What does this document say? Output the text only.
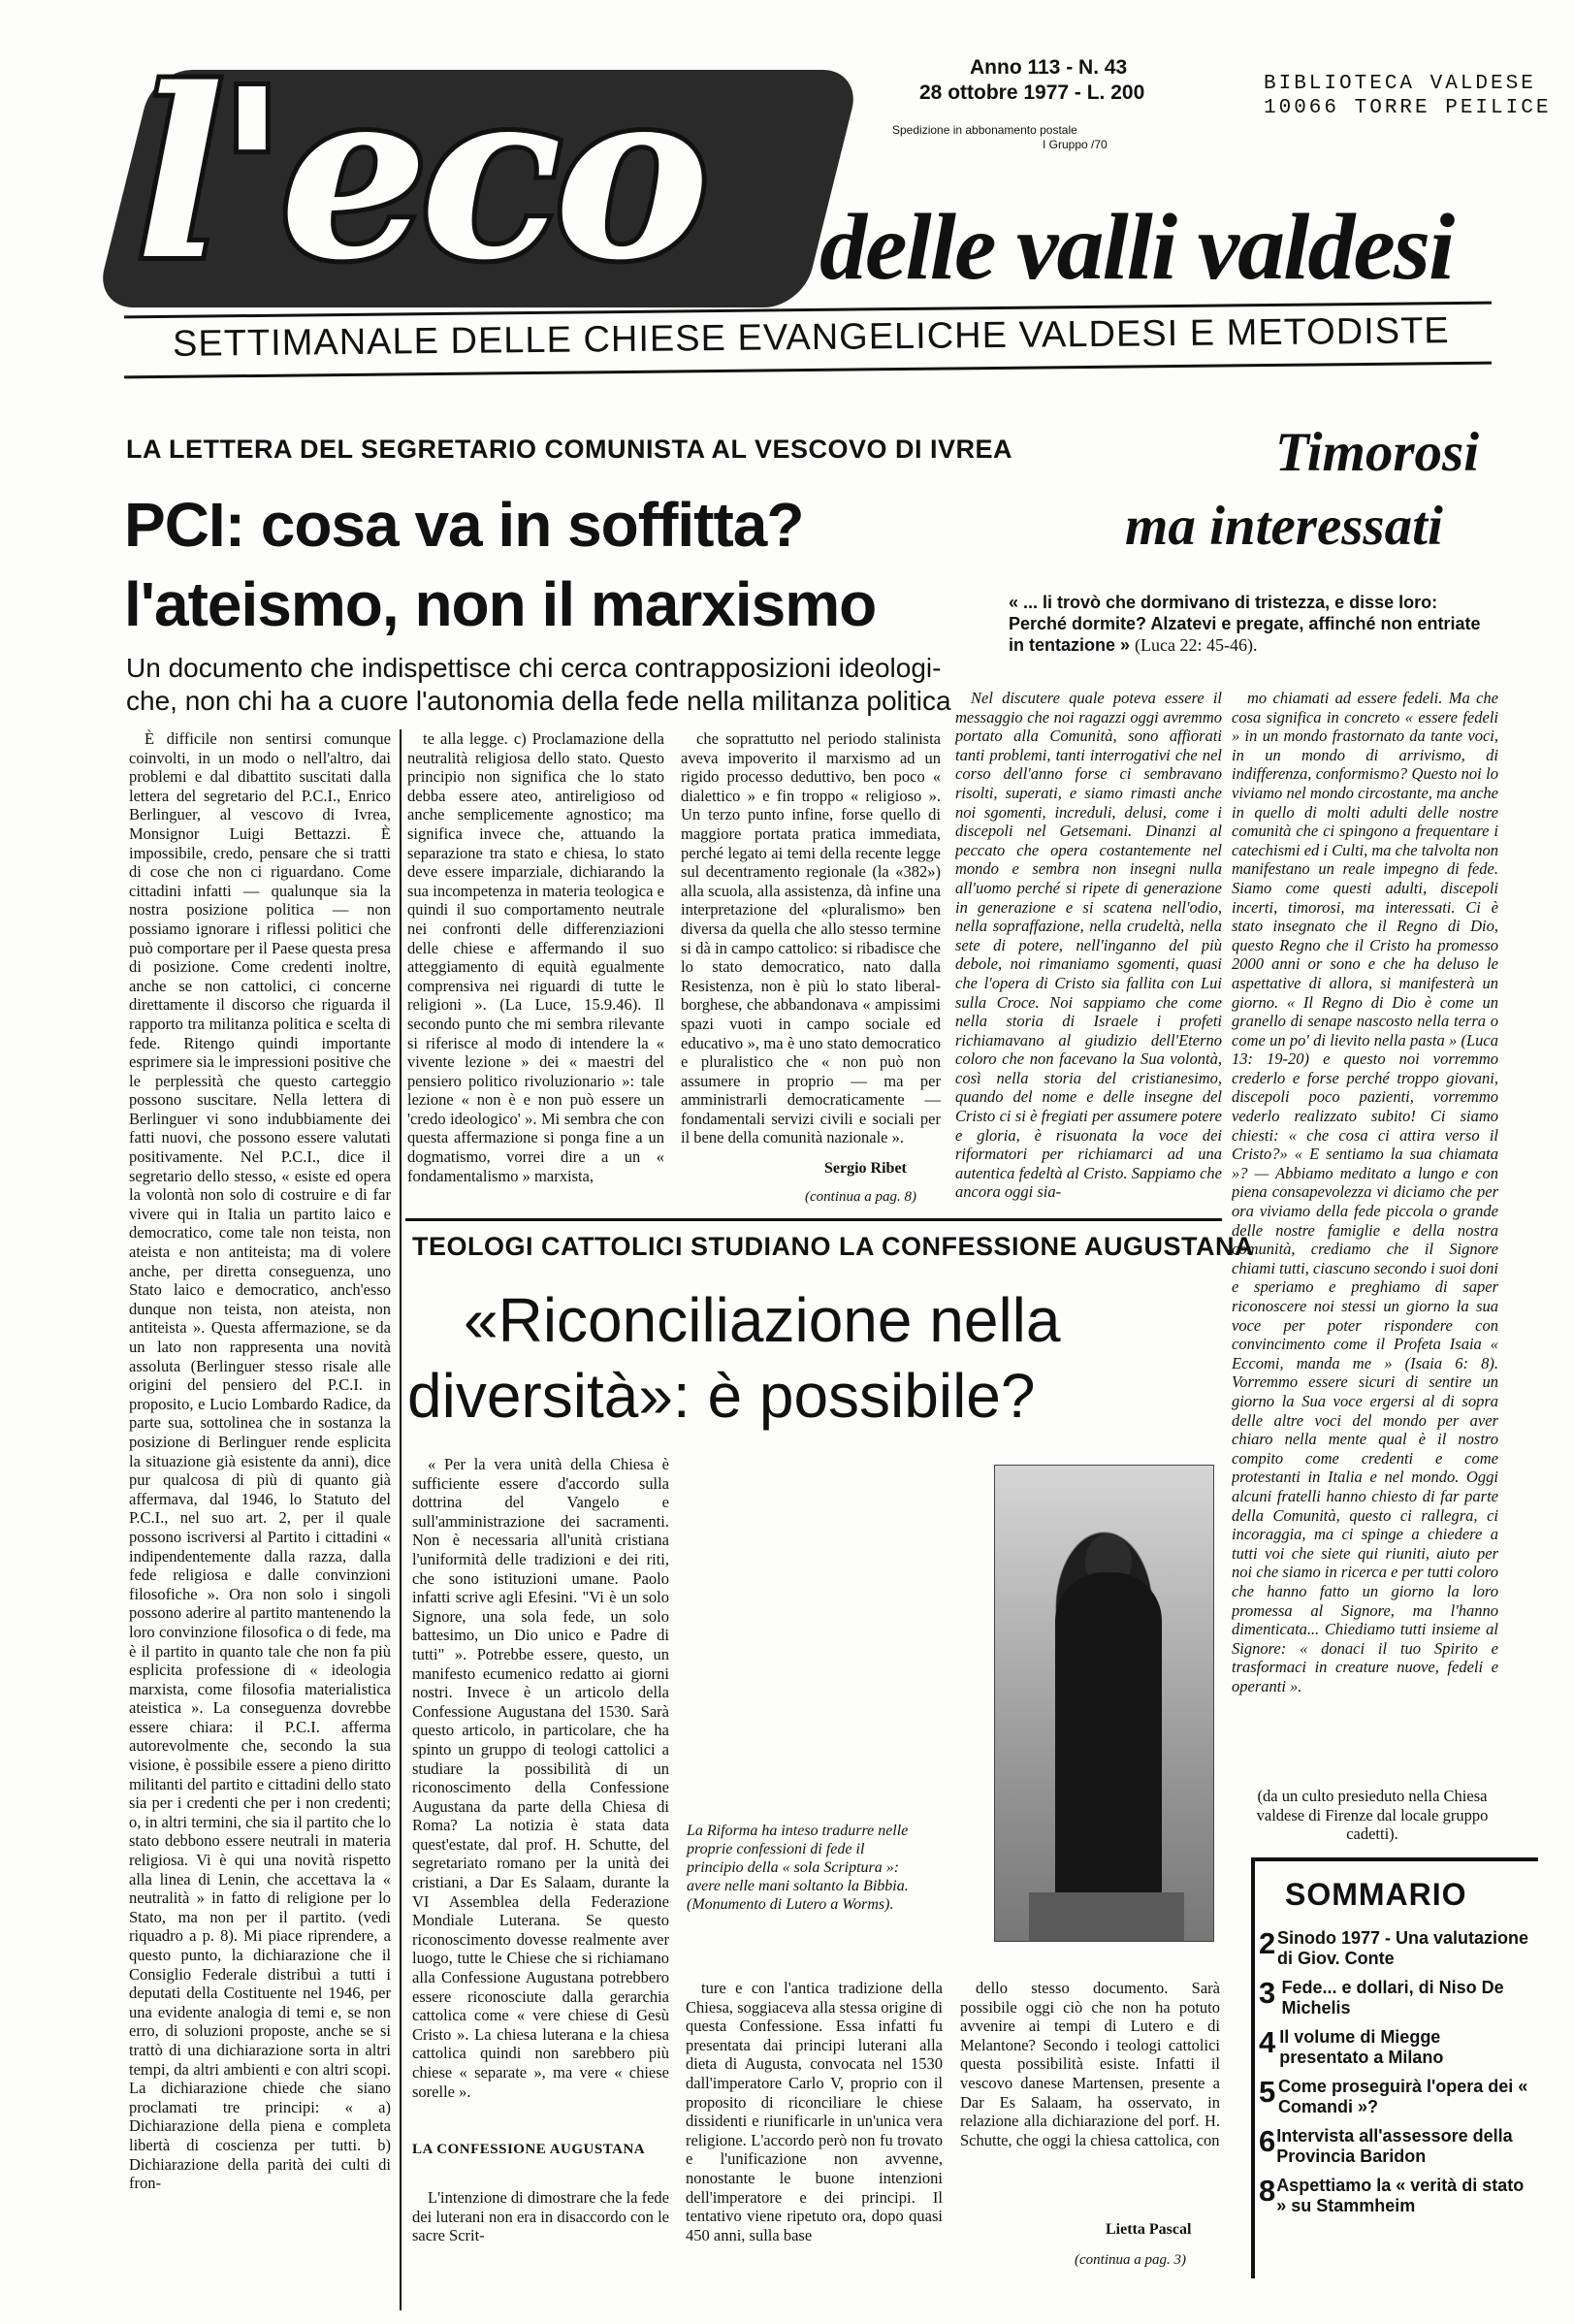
l'eco	delle valli valdesi
Anno 113 - N. 43
28 ottobre 1977 - L. 200
Spedizione in abbonamento postale
I Gruppo /70
BIBLIOTECA VALDESE
10066 TORRE PEILICE
SETTIMANALE DELLE CHIESE EVANGELICHE VALDESI E METODISTE
LA LETTERA DEL SEGRETARIO COMUNISTA AL VESCOVO DI IVREA
PCI: cosa va in soffitta?
l'ateismo, non il marxismo
Un documento che indispettisce chi cerca contrapposizioni ideologi-
che, non chi ha a cuore l'autonomia della fede nella militanza politica

È difficile non sentirsi comunque coinvolti, in un modo o nell'altro, dai problemi e dal dibattito suscitati dalla lettera del segretario del P.C.I., Enrico Berlinguer, al vescovo di Ivrea, Monsignor Luigi Bettazzi. È impossibile, credo, pensare che si tratti di cose che non ci riguardano. Come cittadini infatti — qualunque sia la nostra posizione politica — non possiamo ignorare i riflessi politici che può comportare per il Paese questa presa di posizione. Come credenti inoltre, anche se non cattolici, ci concerne direttamente il discorso che riguarda il rapporto tra militanza politica e scelta di fede. Ritengo quindi importante esprimere sia le impressioni positive che le perplessità che questo carteggio possono suscitare. Nella lettera di Berlinguer vi sono indubbiamente dei fatti nuovi, che possono essere valutati positivamente. Nel P.C.I., dice il segretario dello stesso, « esiste ed opera la volontà non solo di costruire e di far vivere qui in Italia un partito laico e democratico, come tale non teista, non ateista e non antiteista; ma di volere anche, per diretta conseguenza, uno Stato laico e democratico, anch'esso dunque non teista, non ateista, non antiteista ». Questa affermazione, se da un lato non rappresenta una novità assoluta (Berlinguer stesso risale alle origini del pensiero del P.C.I. in proposito, e Lucio Lombardo Radice, da parte sua, sottolinea che in sostanza la posizione di Berlinguer rende esplicita la situazione già esistente da anni), dice pur qualcosa di più di quanto già affermava, dal 1946, lo Statuto del P.C.I., nel suo art. 2, per il quale possono iscriversi al Partito i cittadini « indipendentemente dalla razza, dalla fede religiosa e dalle convinzioni filosofiche ». Ora non solo i singoli possono aderire al partito mantenendo la loro convinzione filosofica o di fede, ma è il partito in quanto tale che non fa più esplicita professione di « ideologia marxista, come filosofia materialistica ateistica ». La conseguenza dovrebbe essere chiara: il P.C.I. afferma autorevolmente che, secondo la sua visione, è possibile essere a pieno diritto militanti del partito e cittadini dello stato sia per i credenti che per i non credenti; o, in altri termini, che sia il partito che lo stato debbono essere neutrali in materia religiosa. Vi è qui una novità rispetto alla linea di Lenin, che accettava la « neutralità » in fatto di religione per lo Stato, ma non per il partito. (vedi riquadro a p. 8). Mi piace riprendere, a questo punto, la dichiarazione che il Consiglio Federale distribuì a tutti i deputati della Costituente nel 1946, per una evidente analogia di temi e, se non erro, di soluzioni proposte, anche se si trattò di una dichiarazione sorta in altri tempi, da altri ambienti e con altri scopi. La dichiarazione chiede che siano proclamati tre principi: « a) Dichiarazione della piena e completa libertà di coscienza per tutti. b) Dichiarazione della parità dei culti di fron-

te alla legge. c) Proclamazione della neutralità religiosa dello stato. Questo principio non significa che lo stato debba essere ateo, antireligioso od anche semplicemente agnostico; ma significa invece che, attuando la separazione tra stato e chiesa, lo stato deve essere imparziale, dichiarando la sua incompetenza in materia teologica e quindi il suo comportamento neutrale nei confronti delle differenziazioni delle chiese e affermando il suo atteggiamento di equità egualmente comprensiva nei riguardi di tutte le religioni ». (La Luce, 15.9.46). Il secondo punto che mi sembra rilevante si riferisce al modo di intendere la « vivente lezione » dei « maestri del pensiero politico rivoluzionario »: tale lezione « non è e non può essere un 'credo ideologico' ». Mi sembra che con questa affermazione si ponga fine a un dogmatismo, vorrei dire a un « fondamentalismo » marxista,

che soprattutto nel periodo stalinista aveva impoverito il marxismo ad un rigido processo deduttivo, ben poco « dialettico » e fin troppo « religioso ». Un terzo punto infine, forse quello di maggiore portata pratica immediata, perché legato ai temi della recente legge sul decentramento regionale (la «382») alla scuola, alla assistenza, dà infine una interpretazione del «pluralismo» ben diversa da quella che allo stesso termine si dà in campo cattolico: si ribadisce che lo stato democratico, nato dalla Resistenza, non è più lo stato liberal-borghese, che abbandonava « ampissimi spazi vuoti in campo sociale ed educativo », ma è uno stato democratico e pluralistico che « non può non assumere in proprio — ma per amministrarli democraticamente — fondamentali servizi civili e sociali per il bene della comunità nazionale ».

Sergio Ribet
(continua a pag. 8)
Timorosi
ma interessati
« ... li trovò che dormivano di tristezza, e disse loro: Perché dormite? Alzatevi e pregate, affinché non entriate in tentazione » (Luca 22: 45-46).

Nel discutere quale poteva essere il messaggio che noi ragazzi oggi avremmo portato alla Comunità, sono affiorati tanti problemi, tanti interrogativi che nel corso dell'anno forse ci sembravano risolti, superati, e siamo rimasti anche noi sgomenti, increduli, delusi, come i discepoli nel Getsemani. Dinanzi al peccato che opera costantemente nel mondo e sembra non insegni nulla all'uomo perché si ripete di generazione in generazione e si scatena nell'odio, nella sopraffazione, nella crudeltà, nella sete di potere, nell'inganno del più debole, noi rimaniamo sgomenti, quasi che l'opera di Cristo sia fallita con Lui sulla Croce. Noi sappiamo che come nella storia di Israele i profeti richiamavano al giudizio dell'Eterno coloro che non facevano la Sua volontà, così nella storia del cristianesimo, quando del nome e delle insegne del Cristo ci si è fregiati per assumere potere e gloria, è risuonata la voce dei riformatori per richiamarci ad una autentica fedeltà al Cristo. Sappiamo che ancora oggi sia-

mo chiamati ad essere fedeli. Ma che cosa significa in concreto « essere fedeli » in un mondo frastornato da tante voci, in un mondo di arrivismo, di indifferenza, conformismo? Questo noi lo viviamo nel mondo circostante, ma anche in quello di molti adulti delle nostre comunità che ci spingono a frequentare i catechismi ed i Culti, ma che talvolta non manifestano un reale impegno di fede. Siamo come questi adulti, discepoli incerti, timorosi, ma interessati. Ci è stato insegnato che il Regno di Dio, questo Regno che il Cristo ha promesso 2000 anni or sono e che ha deluso le aspettative di allora, si manifesterà un giorno. « Il Regno di Dio è come un granello di senape nascosto nella terra o come un po' di lievito nella pasta » (Luca 13: 19-20) e questo noi vorremmo crederlo e forse perché troppo giovani, discepoli poco pazienti, vorremmo vederlo realizzato subito! Ci siamo chiesti: « che cosa ci attira verso il Cristo?» « E sentiamo la sua chiamata »? — Abbiamo meditato a lungo e con piena consapevolezza vi diciamo che per ora viviamo della fede piccola o grande delle nostre famiglie e della nostra comunità, crediamo che il Signore chiami tutti, ciascuno secondo i suoi doni e speriamo e preghiamo di saper riconoscere noi stessi un giorno la sua voce per poter rispondere con convincimento come il Profeta Isaia « Eccomi, manda me » (Isaia 6: 8). Vorremmo essere sicuri di sentire un giorno la Sua voce ergersi al di sopra delle altre voci del mondo per aver chiaro nella mente qual è il nostro compito come credenti e come protestanti in Italia e nel mondo. Oggi alcuni fratelli hanno chiesto di far parte della Comunità, questo ci rallegra, ci incoraggia, ma ci spinge a chiedere a tutti voi che siete qui riuniti, aiuto per noi che siamo in ricerca e per tutti coloro che hanno fatto un giorno la loro promessa al Signore, ma l'hanno dimenticata... Chiediamo tutti insieme al Signore: « donaci il tuo Spirito e trasformaci in creature nuove, fedeli e operanti ».

(da un culto presieduto nella Chiesa valdese di Firenze dal locale gruppo cadetti).
TEOLOGI CATTOLICI STUDIANO LA CONFESSIONE AUGUSTANA
«Riconciliazione nella
diversità»: è possibile?

« Per la vera unità della Chiesa è sufficiente essere d'accordo sulla dottrina del Vangelo e sull'amministrazione dei sacramenti. Non è necessaria all'unità cristiana l'uniformità delle tradizioni e dei riti, che sono istituzioni umane. Paolo infatti scrive agli Efesini. "Vi è un solo Signore, una sola fede, un solo battesimo, un Dio unico e Padre di tutti" ». Potrebbe essere, questo, un manifesto ecumenico redatto ai giorni nostri. Invece è un articolo della Confessione Augustana del 1530. Sarà questo articolo, in particolare, che ha spinto un gruppo di teologi cattolici a studiare la possibilità di un riconoscimento della Confessione Augustana da parte della Chiesa di Roma? La notizia è stata data quest'estate, dal prof. H. Schutte, del segretariato romano per la unità dei cristiani, a Dar Es Salaam, durante la VI Assemblea della Federazione Mondiale Luterana. Se questo riconoscimento dovesse realmente aver luogo, tutte le Chiese che si richiamano alla Confessione Augustana potrebbero essere riconosciute dalla gerarchia cattolica come « vere chiese di Gesù Cristo ». La chiesa luterana e la chiesa cattolica quindi non sarebbero più chiese « separate », ma vere « chiese sorelle ».

LA CONFESSIONE AUGUSTANA

L'intenzione di dimostrare che la fede dei luterani non era in disaccordo con le sacre Scrit-

La Riforma ha inteso tradurre nelle proprie confessioni di fede il principio della « sola Scriptura »: avere nelle mani soltanto la Bibbia. (Monumento di Lutero a Worms).

ture e con l'antica tradizione della Chiesa, soggiaceva alla stessa origine di questa Confessione. Essa infatti fu presentata dai principi luterani alla dieta di Augusta, convocata nel 1530 dall'imperatore Carlo V, proprio con il proposito di riconciliare le chiese dissidenti e riunificarle in un'unica vera religione. L'accordo però non fu trovato e l'unificazione non avvenne, nonostante le buone intenzioni dell'imperatore e dei principi. Il tentativo viene ripetuto ora, dopo quasi 450 anni, sulla base

dello stesso documento. Sarà possibile oggi ciò che non ha potuto avvenire ai tempi di Lutero e di Melantone? Secondo i teologi cattolici questa possibilità esiste. Infatti il vescovo danese Martensen, presente a Dar Es Salaam, ha osservato, in relazione alla dichiarazione del porf. H. Schutte, che oggi la chiesa cattolica, con

Lietta Pascal
(continua a pag. 3)
SOMMARIO
2 Sinodo 1977 - Una valutazione di Giov. Conte
3 Fede... e dollari, di Niso De Michelis
4 Il volume di Miegge presentato a Milano
5 Come proseguirà l'opera dei « Comandi »?
6 Intervista all'assessore della Provincia Baridon
8 Aspettiamo la « verità di stato » su Stammheim
